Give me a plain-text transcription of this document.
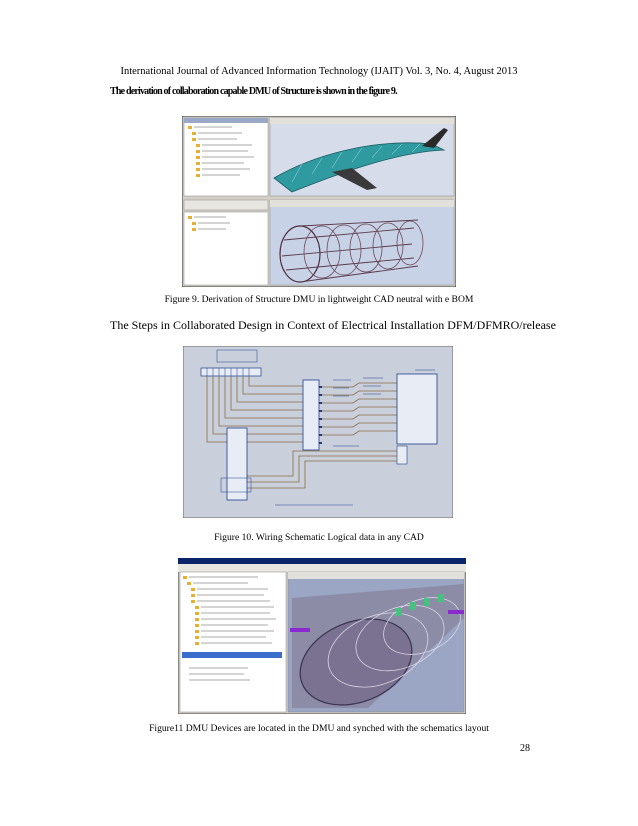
International Journal of Advanced Information Technology (IJAIT) Vol. 3, No. 4, August 2013
The derivation of collaboration capable DMU of Structure is shown in the figure 9.
Figure 9. Derivation of Structure DMU in lightweight CAD neutral with e BOM
The Steps in Collaborated Design in Context of Electrical Installation DFM/DFMRO/release
Figure 10. Wiring Schematic Logical data in any CAD
Figure11 DMU Devices are located in the DMU and synched with the schematics layout
28
